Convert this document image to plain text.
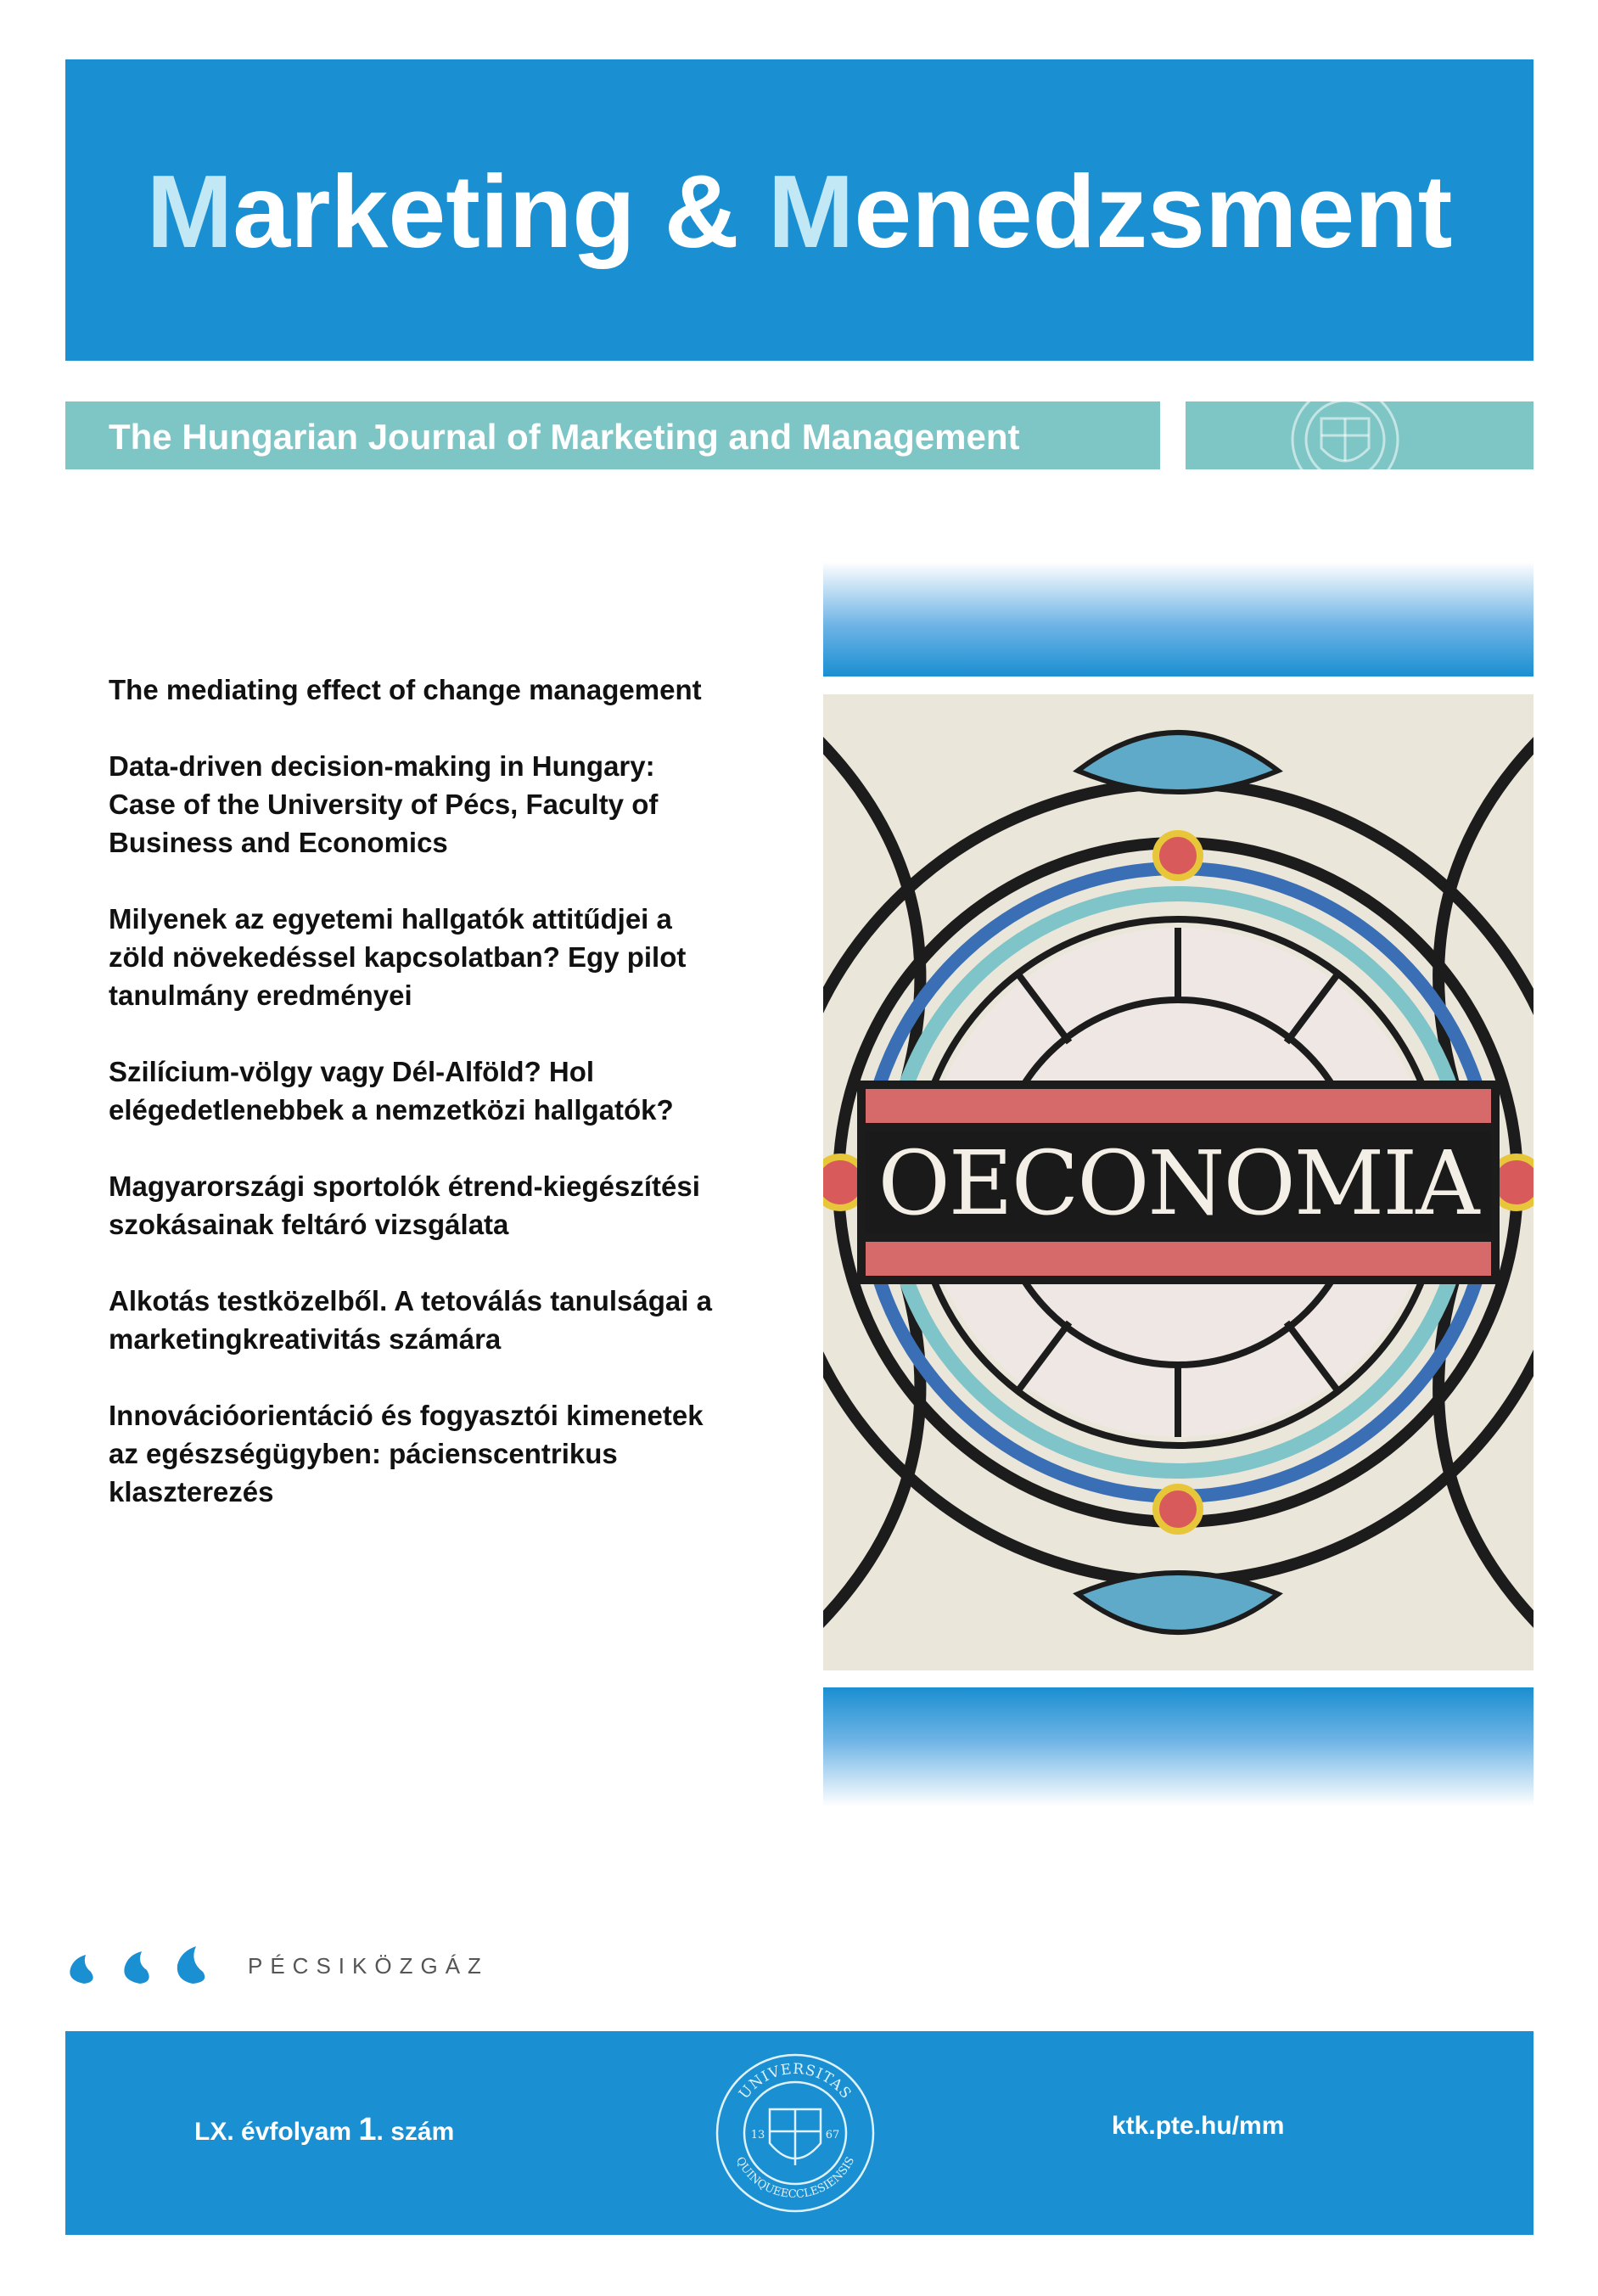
Marketing & Menedzsment
The Hungarian Journal of Marketing and Management
OECONOMIA
The mediating effect of change management
Data-driven decision-making in Hungary: Case of the University of Pécs, Faculty of Business and Economics
Milyenek az egyetemi hallgatók attitűdjei a zöld növekedéssel kapcsolatban? Egy pilot tanulmány eredményei
Szilícium-völgy vagy Dél-Alföld? Hol elégedetlenebbek a nemzetközi hallgatók?
Magyarországi sportolók étrend-kiegészítési szokásainak feltáró vizsgálata
Alkotás testközelből. A tetoválás tanulságai a marketingkreativitás számára
Innovációorientáció és fogyasztói kimenetek az egészségügyben: pácienscentrikus klaszterezés
PÉCSIKÖZGÁZ
LX. évfolyam 1. szám
UNIVERSITAS
QUINQUEECCLESIENSIS
13	67	ktk.pte.hu/mm
